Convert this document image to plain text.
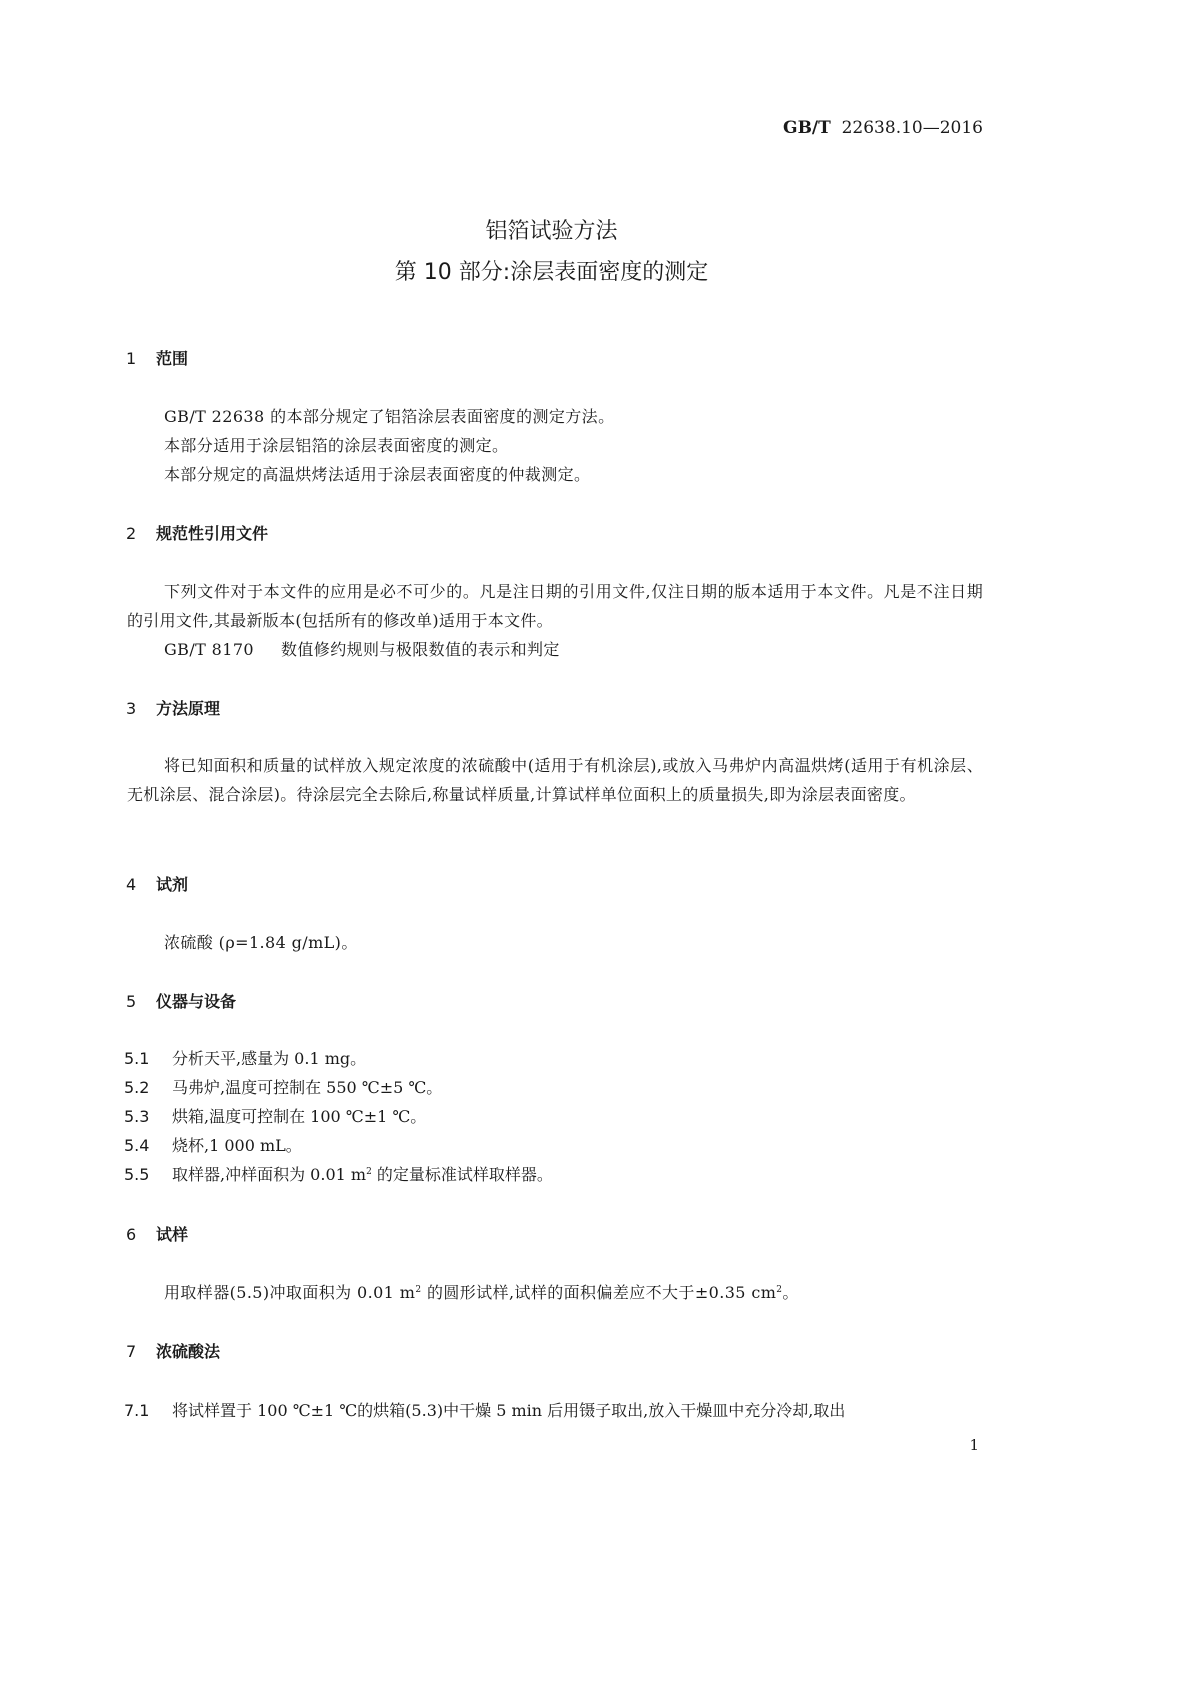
GB/T 22638.10—2016
铝箔试验方法
第 10 部分:涂层表面密度的测定
1 范围
GB/T 22638 的本部分规定了铝箔涂层表面密度的测定方法。
本部分适用于涂层铝箔的涂层表面密度的测定。
本部分规定的高温烘烤法适用于涂层表面密度的仲裁测定。
2 规范性引用文件
下列文件对于本文件的应用是必不可少的。凡是注日期的引用文件,仅注日期的版本适用于本文件。凡是不注日期的引用文件,其最新版本(包括所有的修改单)适用于本文件。
GB/T 8170 数值修约规则与极限数值的表示和判定
3 方法原理
将已知面积和质量的试样放入规定浓度的浓硫酸中(适用于有机涂层),或放入马弗炉内高温烘烤(适用于有机涂层、无机涂层、混合涂层)。待涂层完全去除后,称量试样质量,计算试样单位面积上的质量损失,即为涂层表面密度。
4 试剂
浓硫酸 (ρ=1.84 g/mL)。
5 仪器与设备
5.1 分析天平,感量为 0.1 mg。
5.2 马弗炉,温度可控制在 550 ℃±5 ℃。
5.3 烘箱,温度可控制在 100 ℃±1 ℃。
5.4 烧杯,1 000 mL。
5.5 取样器,冲样面积为 0.01 $m^2$ 的定量标准试样取样器。
6 试样
用取样器(5.5)冲取面积为 0.01 $m^2$ 的圆形试样,试样的面积偏差应不大于±0.35 $cm^2$。
7 浓硫酸法
7.1 将试样置于 100 ℃±1 ℃的烘箱(5.3)中干燥 5 min 后用镊子取出,放入干燥皿中充分冷却,取出
1
